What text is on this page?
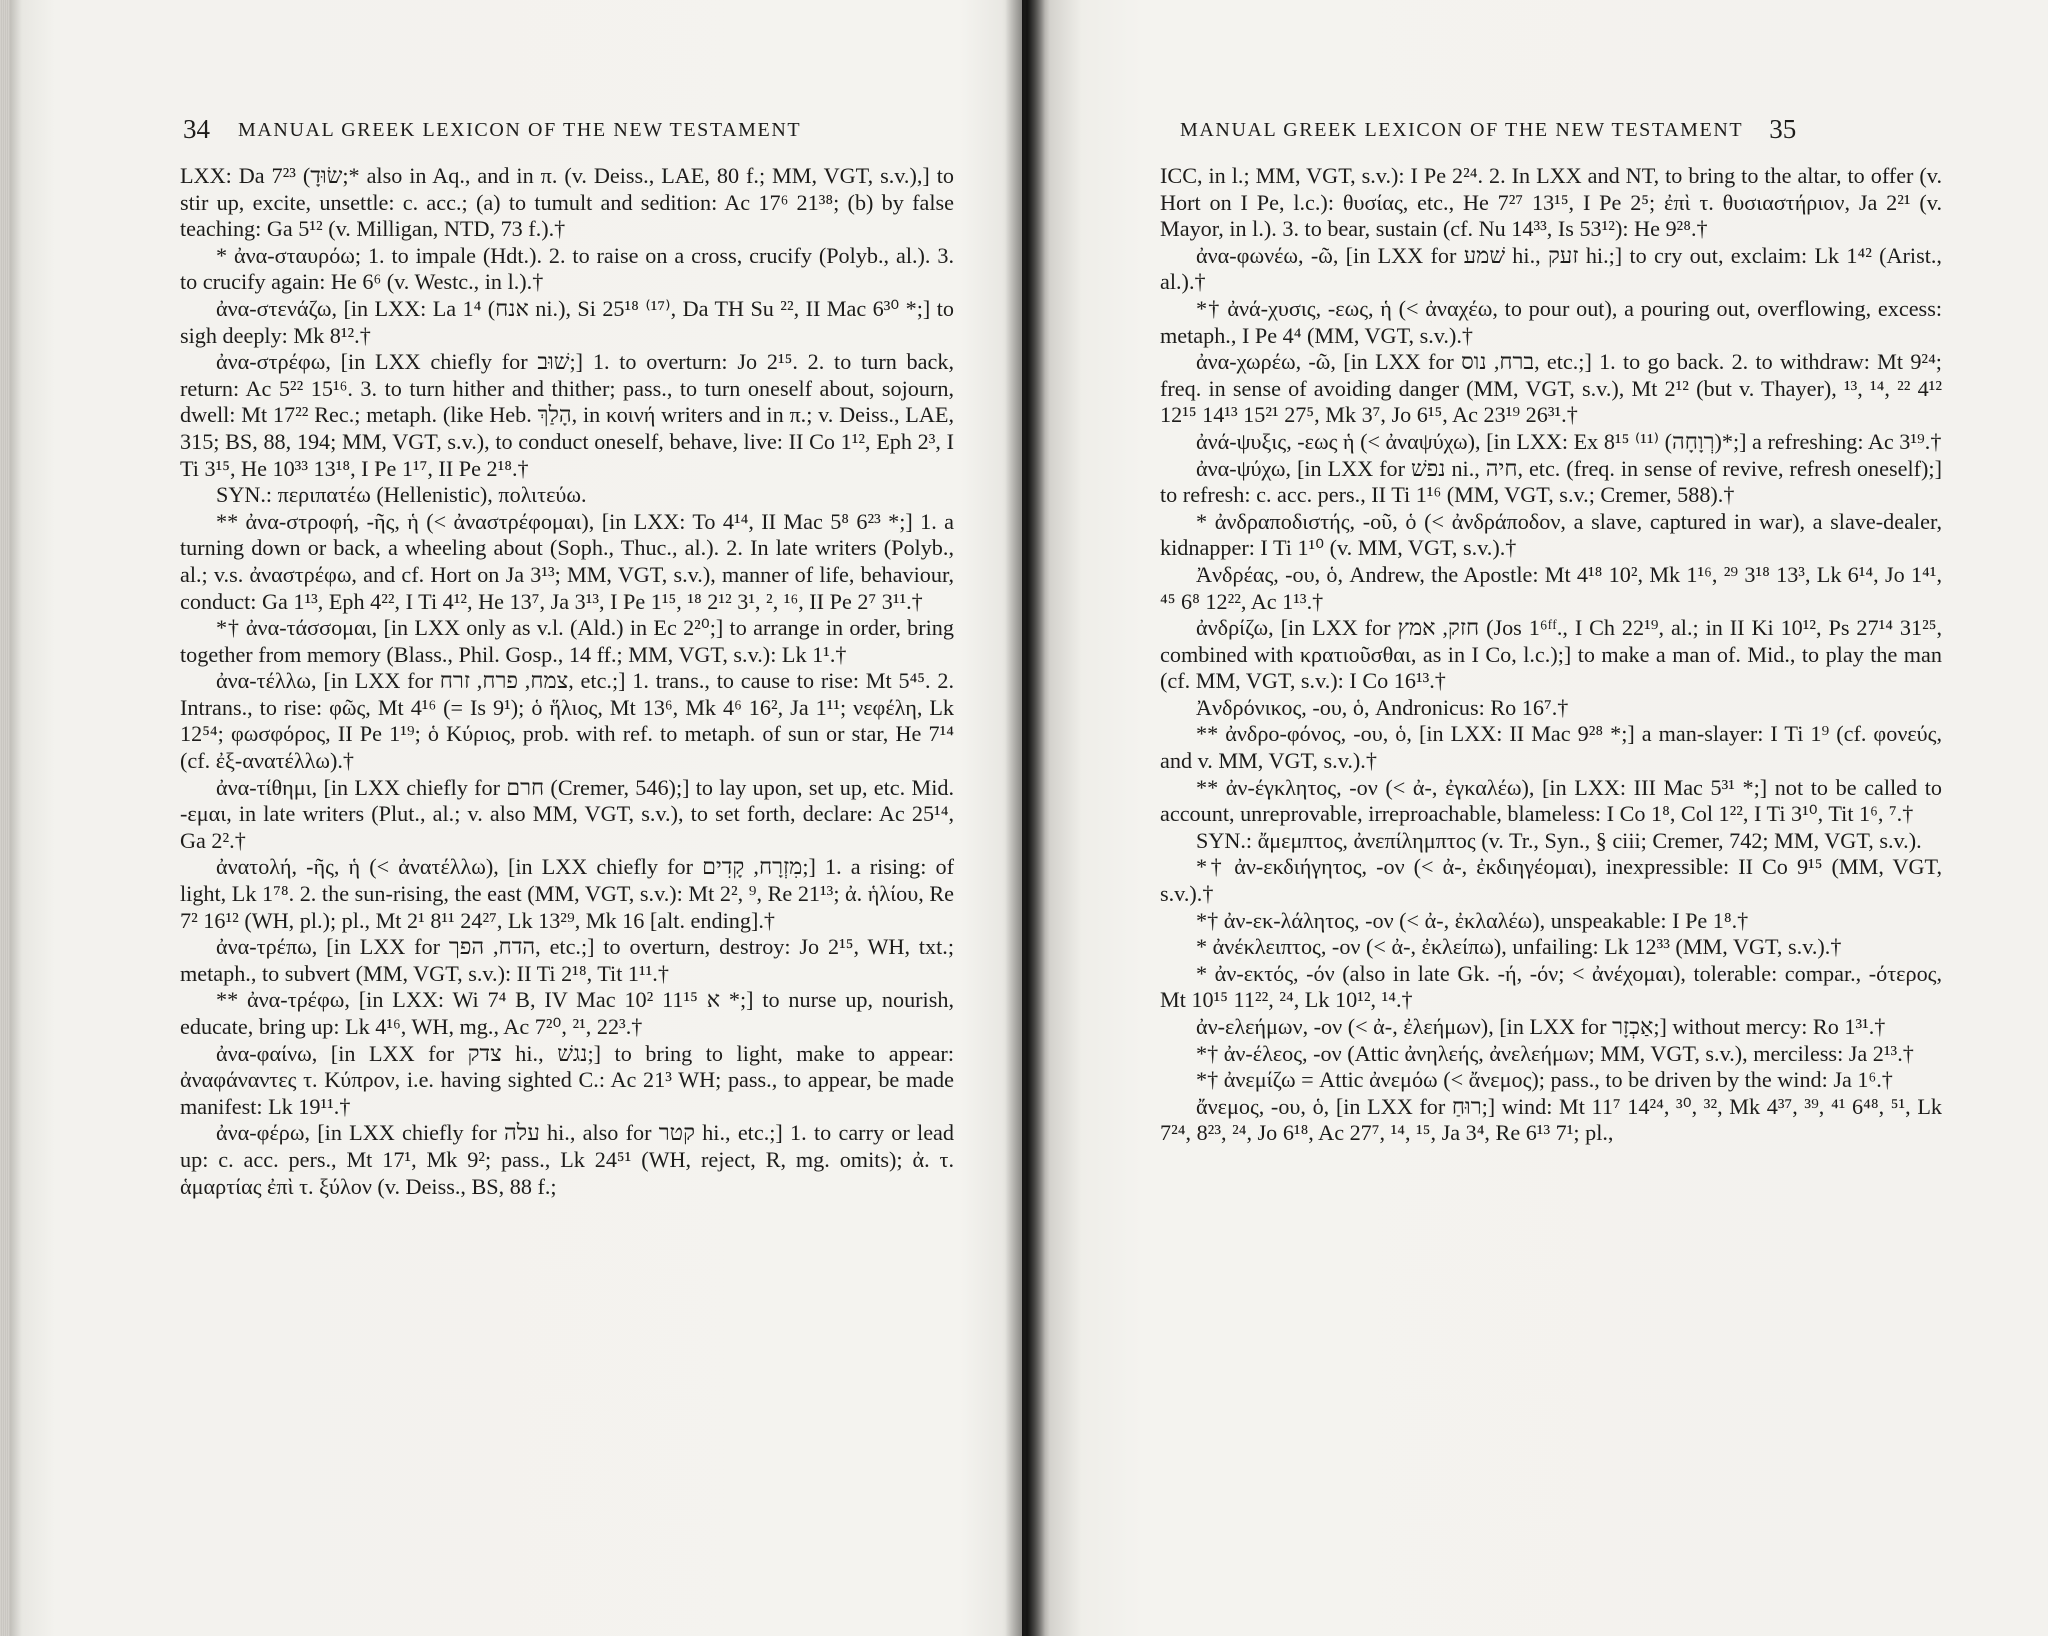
34 MANUAL GREEK LEXICON OF THE NEW TESTAMENT

LXX: Da 7²³ (שׂוּדָ;* also in Aq., and in π. (v. Deiss., LAE, 80 f.; MM, VGT, s.v.),] to stir up, excite, unsettle: c. acc.; (a) to tumult and sedition: Ac 17⁶ 21³⁸; (b) by false teaching: Ga 5¹² (v. Milligan, NTD, 73 f.).†

* ἀνα-σταυρόω; 1. to impale (Hdt.). 2. to raise on a cross, crucify (Polyb., al.). 3. to crucify again: He 6⁶ (v. Westc., in l.).†

ἀνα-στενάζω, [in LXX: La 1⁴ (אנח ni.), Si 25¹⁸ ⁽¹⁷⁾, Da TH Su ²², II Mac 6³⁰ *;] to sigh deeply: Mk 8¹².†

ἀνα-στρέφω, [in LXX chiefly for שׁוּב;] 1. to overturn: Jo 2¹⁵. 2. to turn back, return: Ac 5²² 15¹⁶. 3. to turn hither and thither; pass., to turn oneself about, sojourn, dwell: Mt 17²² Rec.; metaph. (like Heb. הָלַךְ, in κοινή writers and in π.; v. Deiss., LAE, 315; BS, 88, 194; MM, VGT, s.v.), to conduct oneself, behave, live: II Co 1¹², Eph 2³, I Ti 3¹⁵, He 10³³ 13¹⁸, I Pe 1¹⁷, II Pe 2¹⁸.†

SYN.: περιπατέω (Hellenistic), πολιτεύω.

** ἀνα-στροφή, -ῆς, ἡ (< ἀναστρέφομαι), [in LXX: To 4¹⁴, II Mac 5⁸ 6²³ *;] 1. a turning down or back, a wheeling about (Soph., Thuc., al.). 2. In late writers (Polyb., al.; v.s. ἀναστρέφω, and cf. Hort on Ja 3¹³; MM, VGT, s.v.), manner of life, behaviour, conduct: Ga 1¹³, Eph 4²², I Ti 4¹², He 13⁷, Ja 3¹³, I Pe 1¹⁵, ¹⁸ 2¹² 3¹, ², ¹⁶, II Pe 2⁷ 3¹¹.†

*† ἀνα-τάσσομαι, [in LXX only as v.l. (Ald.) in Ec 2²⁰;] to arrange in order, bring together from memory (Blass., Phil. Gosp., 14 ff.; MM, VGT, s.v.): Lk 1¹.†

ἀνα-τέλλω, [in LXX for צמח, פרח, זרח, etc.;] 1. trans., to cause to rise: Mt 5⁴⁵. 2. Intrans., to rise: φῶς, Mt 4¹⁶ (= Is 9¹); ὁ ἥλιος, Mt 13⁶, Mk 4⁶ 16², Ja 1¹¹; νεφέλη, Lk 12⁵⁴; φωσφόρος, II Pe 1¹⁹; ὁ Κύριος, prob. with ref. to metaph. of sun or star, He 7¹⁴ (cf. ἐξ-ανατέλλω).†

ἀνα-τίθημι, [in LXX chiefly for חרם (Cremer, 546);] to lay upon, set up, etc. Mid. -εμαι, in late writers (Plut., al.; v. also MM, VGT, s.v.), to set forth, declare: Ac 25¹⁴, Ga 2².†

ἀνατολή, -ῆς, ἡ (< ἀνατέλλω), [in LXX chiefly for מִזְרָח, קָדִים;] 1. a rising: of light, Lk 1⁷⁸. 2. the sun-rising, the east (MM, VGT, s.v.): Mt 2², ⁹, Re 21¹³; ἀ. ἡλίου, Re 7² 16¹² (WH, pl.); pl., Mt 2¹ 8¹¹ 24²⁷, Lk 13²⁹, Mk 16 [alt. ending].†

ἀνα-τρέπω, [in LXX for הדח, הפך, etc.;] to overturn, destroy: Jo 2¹⁵, WH, txt.; metaph., to subvert (MM, VGT, s.v.): II Ti 2¹⁸, Tit 1¹¹.†

** ἀνα-τρέφω, [in LXX: Wi 7⁴ B, IV Mac 10² 11¹⁵ א *;] to nurse up, nourish, educate, bring up: Lk 4¹⁶, WH, mg., Ac 7²⁰, ²¹, 22³.†

ἀνα-φαίνω, [in LXX for צדק hi., נגשׁ;] to bring to light, make to appear: ἀναφάναντες τ. Κύπρον, i.e. having sighted C.: Ac 21³ WH; pass., to appear, be made manifest: Lk 19¹¹.†

ἀνα-φέρω, [in LXX chiefly for עלה hi., also for קטר hi., etc.;] 1. to carry or lead up: c. acc. pers., Mt 17¹, Mk 9²; pass., Lk 24⁵¹ (WH, reject, R, mg. omits); ἀ. τ. ἁμαρτίας ἐπὶ τ. ξύλον (v. Deiss., BS, 88 f.;

MANUAL GREEK LEXICON OF THE NEW TESTAMENT 35

ICC, in l.; MM, VGT, s.v.): I Pe 2²⁴. 2. In LXX and NT, to bring to the altar, to offer (v. Hort on I Pe, l.c.): θυσίας, etc., He 7²⁷ 13¹⁵, I Pe 2⁵; ἐπὶ τ. θυσιαστήριον, Ja 2²¹ (v. Mayor, in l.). 3. to bear, sustain (cf. Nu 14³³, Is 53¹²): He 9²⁸.†

ἀνα-φωνέω, -ῶ, [in LXX for שׁמע hi., זעק hi.;] to cry out, exclaim: Lk 1⁴² (Arist., al.).†

*† ἀνά-χυσις, -εως, ἡ (< ἀναχέω, to pour out), a pouring out, overflowing, excess: metaph., I Pe 4⁴ (MM, VGT, s.v.).†

ἀνα-χωρέω, -ῶ, [in LXX for ברח, נוס, etc.;] 1. to go back. 2. to withdraw: Mt 9²⁴; freq. in sense of avoiding danger (MM, VGT, s.v.), Mt 2¹² (but v. Thayer), ¹³, ¹⁴, ²² 4¹² 12¹⁵ 14¹³ 15²¹ 27⁵, Mk 3⁷, Jo 6¹⁵, Ac 23¹⁹ 26³¹.†

ἀνά-ψυξις, -εως ἡ (< ἀναψύχω), [in LXX: Ex 8¹⁵ ⁽¹¹⁾ (רְוָחָה)*;] a refreshing: Ac 3¹⁹.†

ἀνα-ψύχω, [in LXX for נפשׁ ni., חיה, etc. (freq. in sense of revive, refresh oneself);] to refresh: c. acc. pers., II Ti 1¹⁶ (MM, VGT, s.v.; Cremer, 588).†

* ἀνδραποδιστής, -οῦ, ὁ (< ἀνδράποδον, a slave, captured in war), a slave-dealer, kidnapper: I Ti 1¹⁰ (v. MM, VGT, s.v.).†

Ἀνδρέας, -ου, ὁ, Andrew, the Apostle: Mt 4¹⁸ 10², Mk 1¹⁶, ²⁹ 3¹⁸ 13³, Lk 6¹⁴, Jo 1⁴¹, ⁴⁵ 6⁸ 12²², Ac 1¹³.†

ἀνδρίζω, [in LXX for חזק, אמץ (Jos 1⁶ᶠᶠ., I Ch 22¹⁹, al.; in II Ki 10¹², Ps 27¹⁴ 31²⁵, combined with κρατιοῦσθαι, as in I Co, l.c.);] to make a man of. Mid., to play the man (cf. MM, VGT, s.v.): I Co 16¹³.†

Ἀνδρόνικος, -ου, ὁ, Andronicus: Ro 16⁷.†

** ἀνδρο-φόνος, -ου, ὁ, [in LXX: II Mac 9²⁸ *;] a man-slayer: I Ti 1⁹ (cf. φονεύς, and v. MM, VGT, s.v.).†

** ἀν-έγκλητος, -ον (< ἀ-, ἐγκαλέω), [in LXX: III Mac 5³¹ *;] not to be called to account, unreprovable, irreproachable, blameless: I Co 1⁸, Col 1²², I Ti 3¹⁰, Tit 1⁶, ⁷.†

SYN.: ἄμεμπτος, ἀνεπίλημπτος (v. Tr., Syn., § ciii; Cremer, 742; MM, VGT, s.v.).

*† ἀν-εκδιήγητος, -ον (< ἀ-, ἐκδιηγέομαι), inexpressible: II Co 9¹⁵ (MM, VGT, s.v.).†

*† ἀν-εκ-λάλητος, -ον (< ἀ-, ἐκλαλέω), unspeakable: I Pe 1⁸.†

* ἀνέκλειπτος, -ον (< ἀ-, ἐκλείπω), unfailing: Lk 12³³ (MM, VGT, s.v.).†

* ἀν-εκτός, -όν (also in late Gk. -ή, -όν; < ἀνέχομαι), tolerable: compar., -ότερος, Mt 10¹⁵ 11²², ²⁴, Lk 10¹², ¹⁴.†

ἀν-ελεήμων, -ον (< ἀ-, ἐλεήμων), [in LXX for אַכְזָר;] without mercy: Ro 1³¹.†

*† ἀν-έλεος, -ον (Attic ἀνηλεής, ἀνελεήμων; MM, VGT, s.v.), merciless: Ja 2¹³.†

*† ἀνεμίζω = Attic ἀνεμόω (< ἄνεμος); pass., to be driven by the wind: Ja 1⁶.†

ἄνεμος, -ου, ὁ, [in LXX for רוּחַ;] wind: Mt 11⁷ 14²⁴, ³⁰, ³², Mk 4³⁷, ³⁹, ⁴¹ 6⁴⁸, ⁵¹, Lk 7²⁴, 8²³, ²⁴, Jo 6¹⁸, Ac 27⁷, ¹⁴, ¹⁵, Ja 3⁴, Re 6¹³ 7¹; pl.,
